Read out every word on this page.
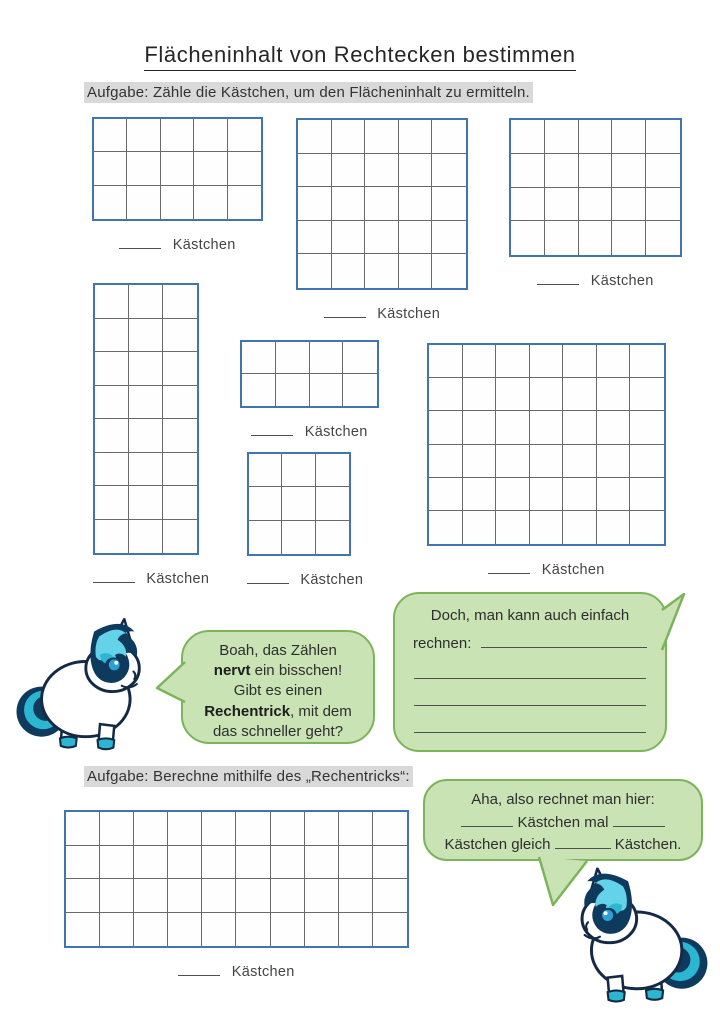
Flächeninhalt von Rechtecken bestimmen
Aufgabe: Zähle die Kästchen, um den Flächeninhalt zu ermitteln.
Kästchen
Kästchen
Kästchen
Kästchen
Kästchen
Kästchen
Kästchen
Kästchen
Boah, das Zählen
nervt ein bisschen!
Gibt es einen
Rechentrick, mit dem
das schneller geht?
Doch, man kann auch einfach
rechnen:
Aufgabe: Berechne mithilfe des „Rechentricks“:
Aha, also rechnet man hier:
Kästchen mal
Kästchen gleich	Kästchen.
